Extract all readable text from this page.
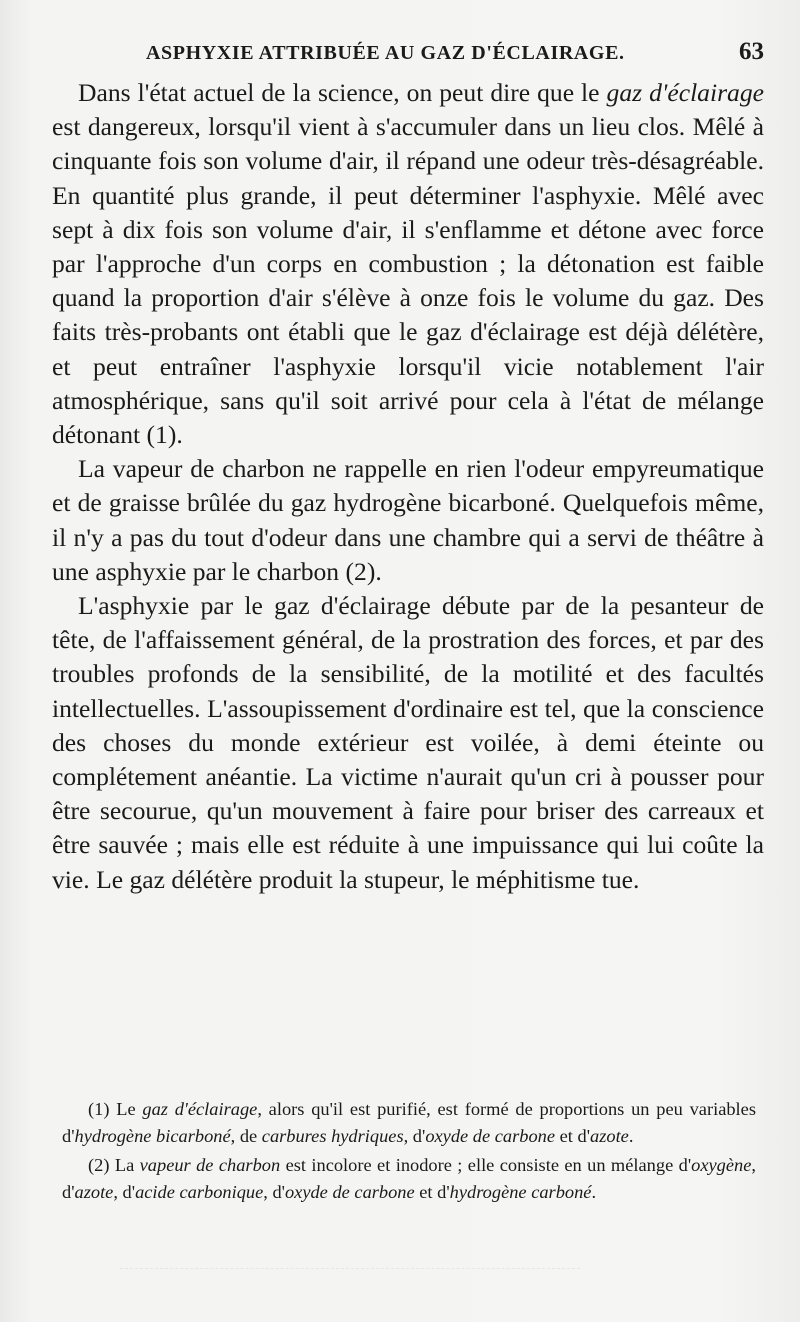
ASPHYXIE ATTRIBUÉE AU GAZ D'ÉCLAIRAGE.	63

Dans l'état actuel de la science, on peut dire que le gaz d'éclairage est dangereux, lorsqu'il vient à s'accumuler dans un lieu clos. Mêlé à cinquante fois son volume d'air, il répand une odeur très-désagréable. En quantité plus grande, il peut déterminer l'asphyxie. Mêlé avec sept à dix fois son volume d'air, il s'enflamme et détone avec force par l'approche d'un corps en combustion ; la détonation est faible quand la proportion d'air s'élève à onze fois le volume du gaz. Des faits très-probants ont établi que le gaz d'éclairage est déjà délétère, et peut entraîner l'asphyxie lorsqu'il vicie notablement l'air atmosphérique, sans qu'il soit arrivé pour cela à l'état de mélange détonant (1).

La vapeur de charbon ne rappelle en rien l'odeur empyreumatique et de graisse brûlée du gaz hydrogène bicarboné. Quelquefois même, il n'y a pas du tout d'odeur dans une chambre qui a servi de théâtre à une asphyxie par le charbon (2).

L'asphyxie par le gaz d'éclairage débute par de la pesanteur de tête, de l'affaissement général, de la prostration des forces, et par des troubles profonds de la sensibilité, de la motilité et des facultés intellectuelles. L'assoupissement d'ordinaire est tel, que la conscience des choses du monde extérieur est voilée, à demi éteinte ou complétement anéantie. La victime n'aurait qu'un cri à pousser pour être secourue, qu'un mouvement à faire pour briser des carreaux et être sauvée ; mais elle est réduite à une impuissance qui lui coûte la vie. Le gaz délétère produit la stupeur, le méphitisme tue.

(1) Le gaz d'éclairage, alors qu'il est purifié, est formé de proportions un peu variables d'hydrogène bicarboné, de carbures hydriques, d'oxyde de carbone et d'azote.

(2) La vapeur de charbon est incolore et inodore ; elle consiste en un mélange d'oxygène, d'azote, d'acide carbonique, d'oxyde de carbone et d'hydrogène carboné.
